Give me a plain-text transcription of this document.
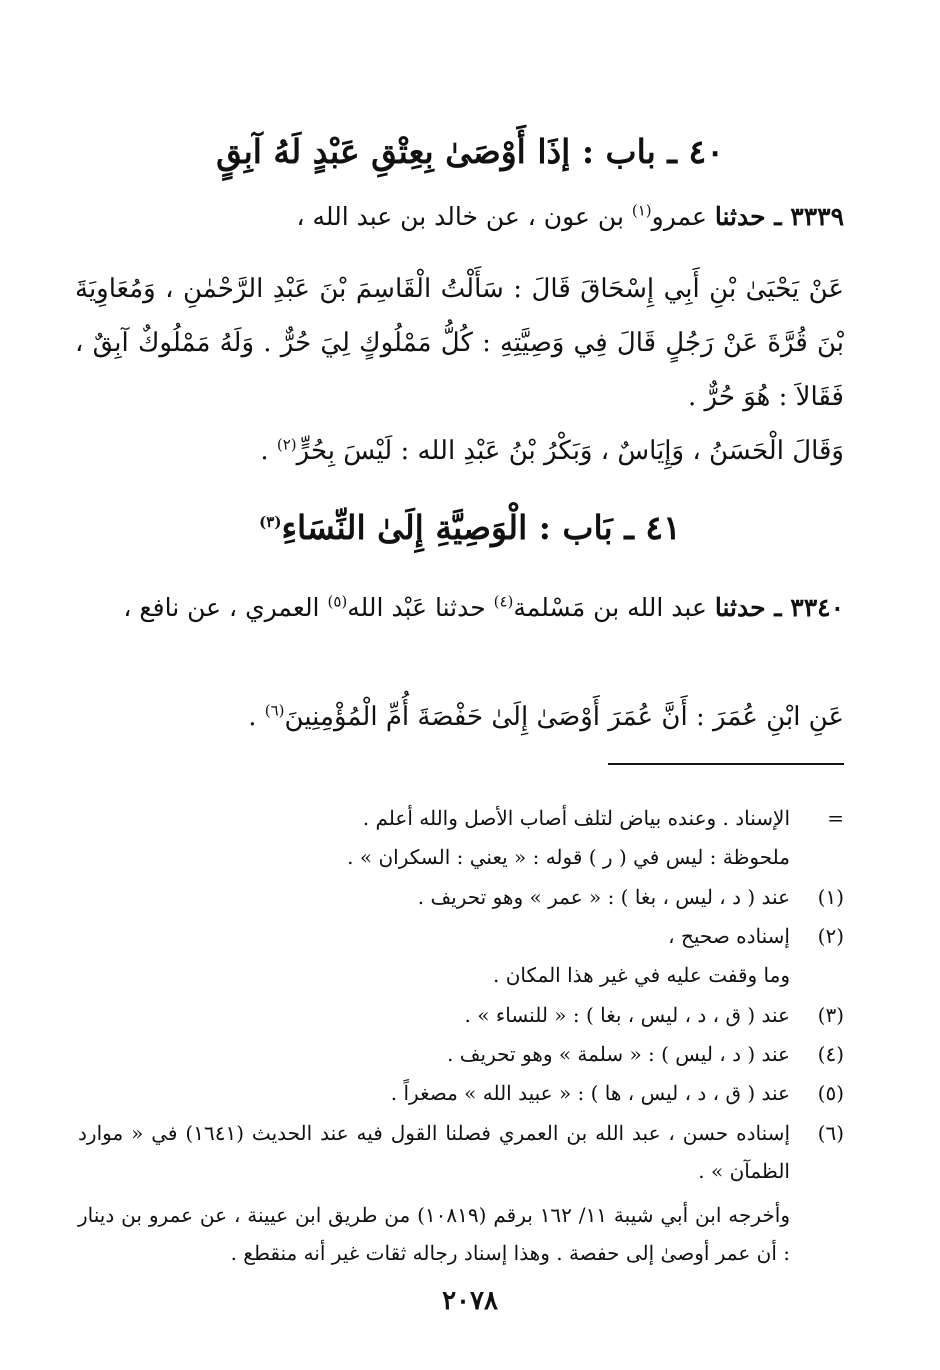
٤٠ ـ باب : إذَا أَوْصَىٰ بِعِتْقِ عَبْدٍ لَهُ آبِقٍ
٣٣٣٩ ـ حدثنا عمرو$^{(١)}$ بن عون ، عن خالد بن عبد الله ،
عَنْ يَحْيَىٰ بْنِ أَبِي إِسْحَاقَ قَالَ : سَأَلْتُ الْقَاسِمَ بْنَ عَبْدِ الرَّحْمٰنِ ، وَمُعَاوِيَةَ بْنَ قُرَّةَ عَنْ رَجُلٍ قَالَ فِي وَصِيَّتِهِ : كُلُّ مَمْلُوكٍ لِيَ حُرٌّ . وَلَهُ مَمْلُوكٌ آبِقٌ ، فَقَالاَ : هُوَ حُرٌّ .
وَقَالَ الْحَسَنُ ، وَإِيَاسٌ ، وَبَكْرُ بْنُ عَبْدِ الله : لَيْسَ بِحُرٍّ$^{(٢)}$ .
٤١ ـ بَاب : الْوَصِيَّةِ إِلَىٰ النِّسَاءِ$^{(٣)}$
٣٣٤٠ ـ حدثنا عبد الله بن مَسْلمة$^{(٤)}$ حدثنا عَبْد الله$^{(٥)}$ العمري ، عن نافع ،
عَنِ ابْنِ عُمَرَ : أَنَّ عُمَرَ أَوْصَىٰ إِلَىٰ حَفْصَةَ أُمِّ الْمُؤْمِنِينَ$^{(٦)}$ .
=
الإسناد . وعنده بياض لتلف أصاب الأصل والله أعلم .
ملحوظة : ليس في ( ر ) قوله : « يعني : السكران » .
(١)
عند ( د ، ليس ، بغا ) : « عمر » وهو تحريف .
(٢)
إسناده صحيح ،
وما وقفت عليه في غير هذا المكان .
(٣)
عند ( ق ، د ، ليس ، بغا ) : « للنساء » .
(٤)
عند ( د ، ليس ) : « سلمة » وهو تحريف .
(٥)
عند ( ق ، د ، ليس ، ها ) : « عبيد الله » مصغراً .
(٦)
إسناده حسن ، عبد الله بن العمري فصلنا القول فيه عند الحديث (١٦٤١) في « موارد الظمآن » .
وأخرجه ابن أبي شيبة ١١/ ١٦٢ برقم (١٠٨١٩) من طريق ابن عيينة ، عن عمرو بن دينار : أن عمر أوصىٰ إلى حفصة . وهذا إسناد رجاله ثقات غير أنه منقطع .
٢٠٧٨
